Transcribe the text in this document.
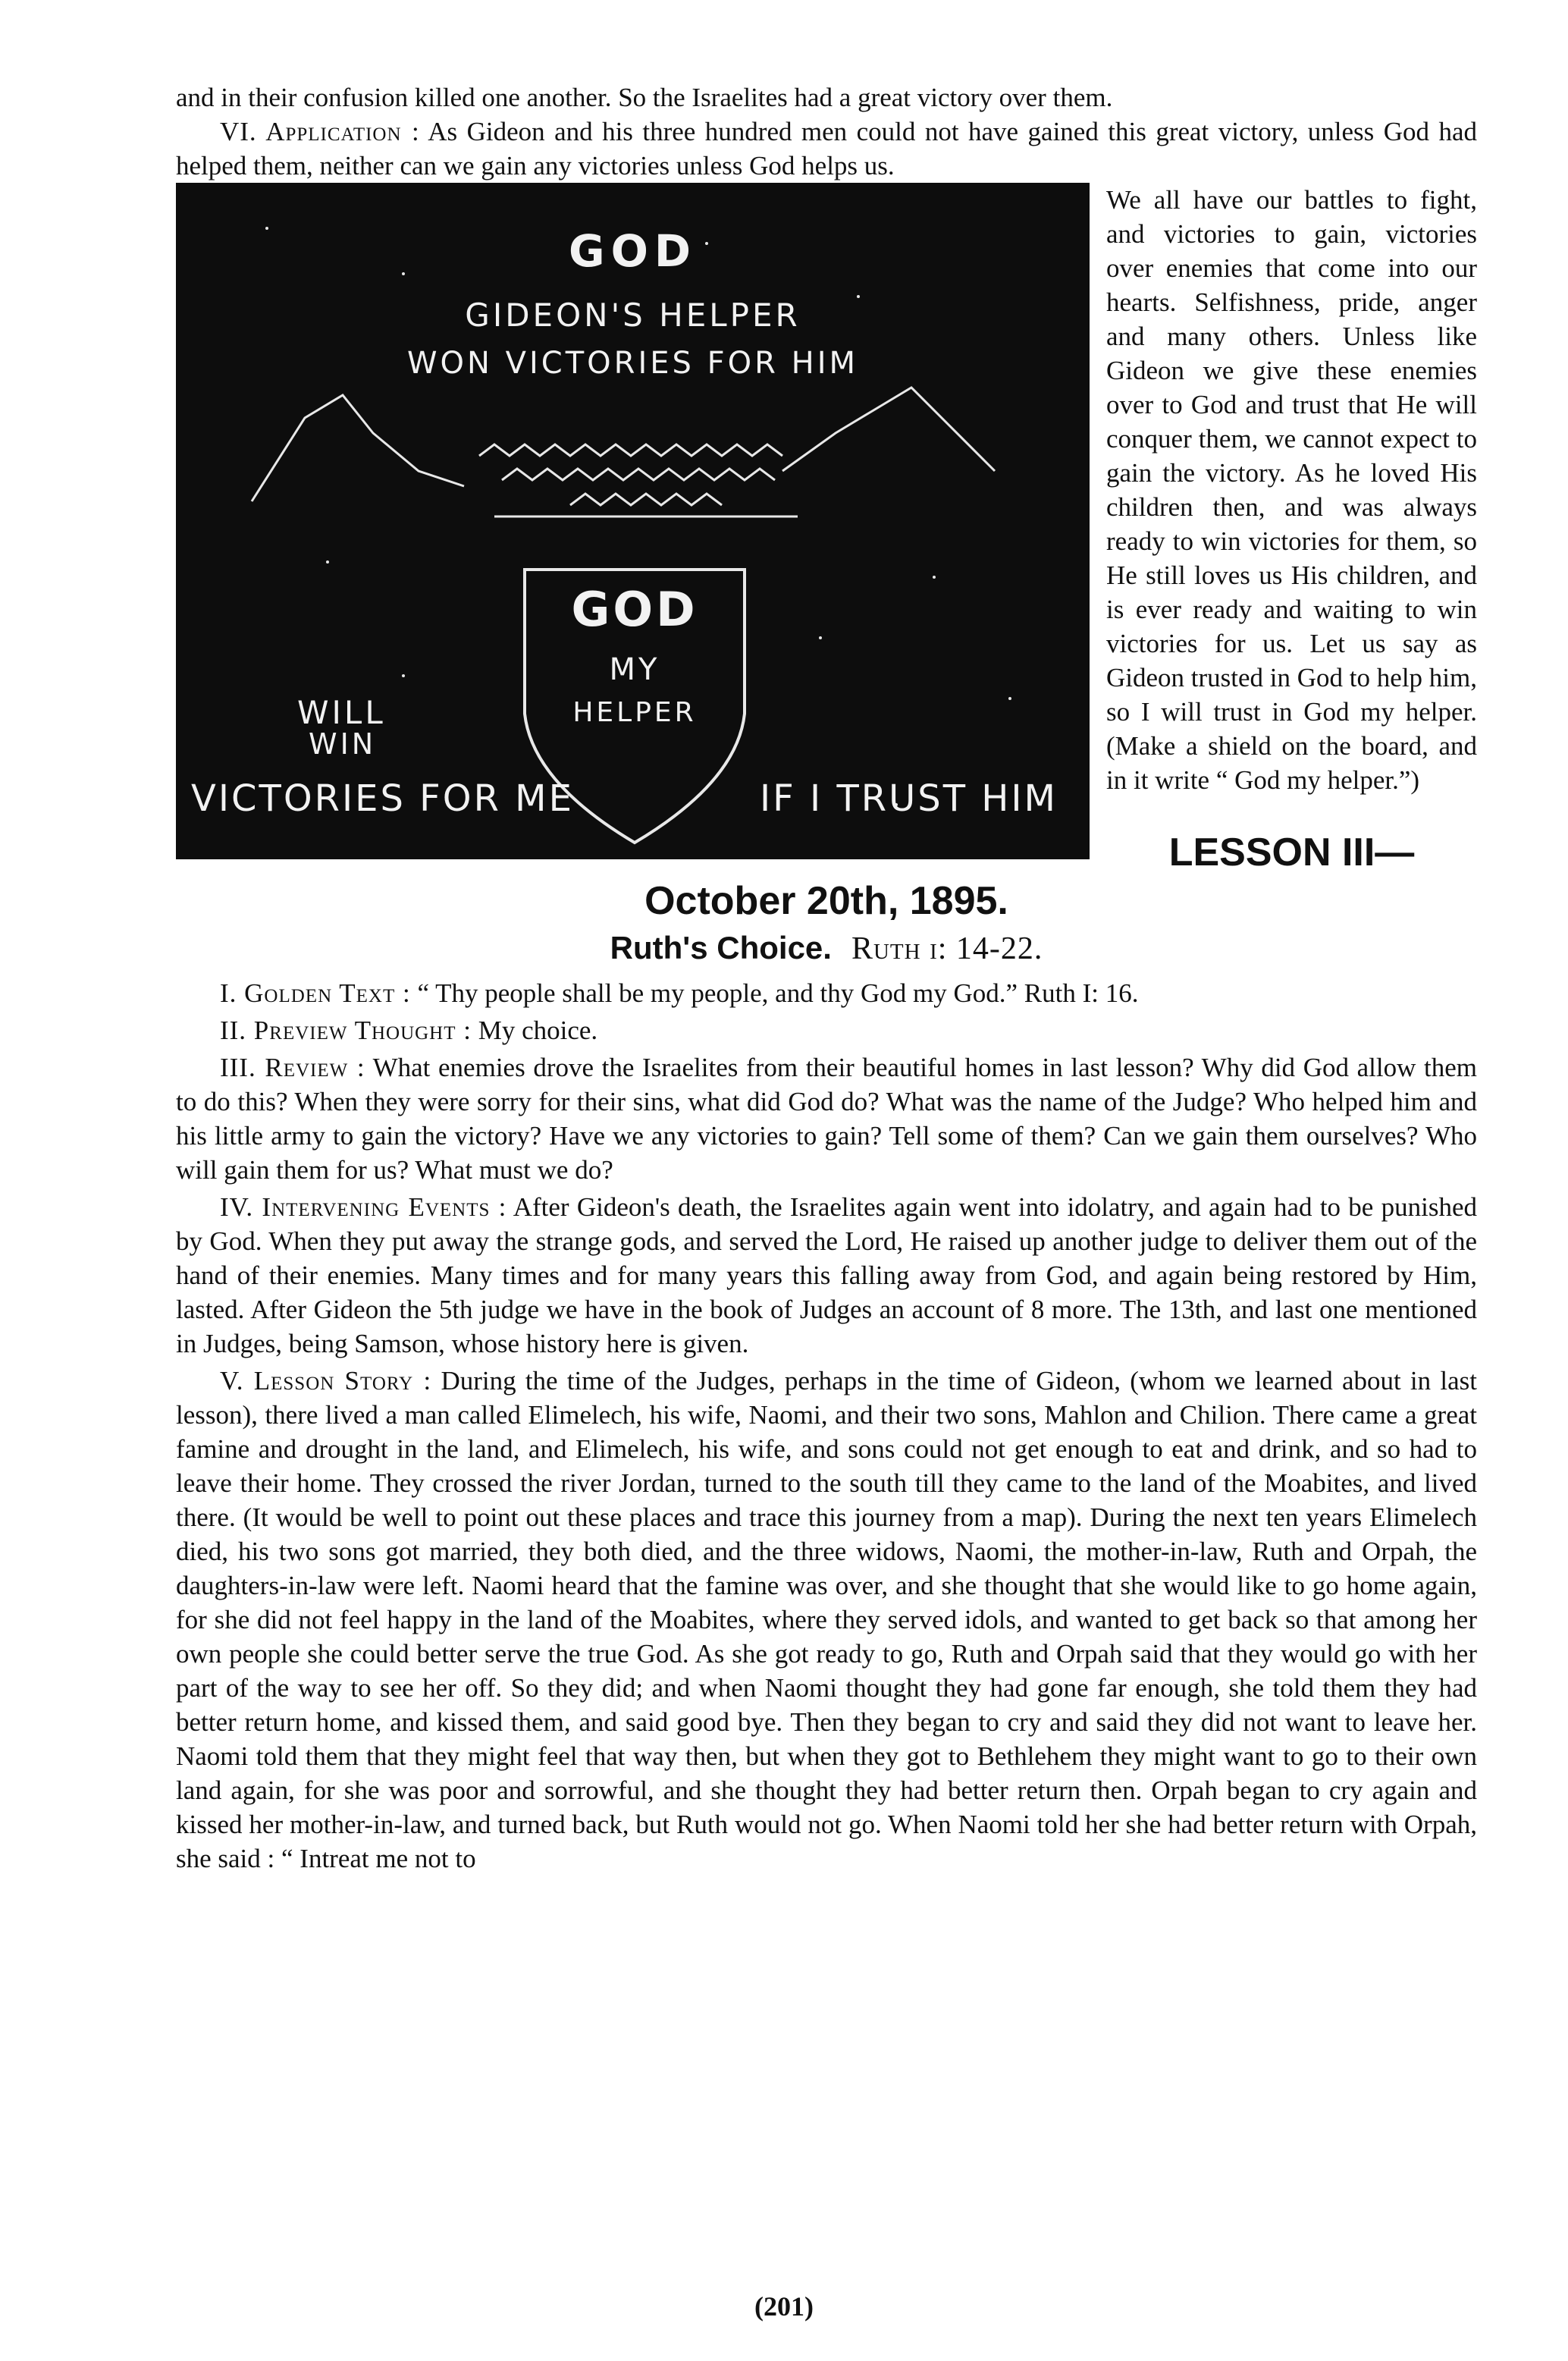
and in their confusion killed one another. So the Israelites had a great victory over them.

VI. Application : As Gideon and his three hundred men could not have gained this great victory, unless God had helped them, neither can we gain any victories unless God helps us.

GOD
GIDEON'S HELPER
WON VICTORIES FOR HIM
GOD
MY
HELPER
WILL
WIN
VICTORIES FOR ME	IF I TRUST HIM
We all have our battles to fight, and victories to gain, victories over enemies that come into our hearts. Selfishness, pride, anger and many others. Unless like Gideon we give these enemies over to God and trust that He will conquer them, we cannot expect to gain the victory. As he loved His children then, and was always ready to win victories for them, so He still loves us His children, and is ever ready and waiting to win victories for us. Let us say as Gideon trusted in God to help him, so I will trust in God my helper. (Make a shield on the board, and in it write “ God my helper.”)
LESSON III—October 20th, 1895.
Ruth's Choice. Ruth i: 14-22.

I. Golden Text : “ Thy people shall be my people, and thy God my God.” Ruth I: 16.

II. Preview Thought : My choice.

III. Review : What enemies drove the Israelites from their beautiful homes in last lesson? Why did God allow them to do this? When they were sorry for their sins, what did God do? What was the name of the Judge? Who helped him and his little army to gain the victory? Have we any victories to gain? Tell some of them? Can we gain them ourselves? Who will gain them for us? What must we do?

IV. Intervening Events : After Gideon's death, the Israelites again went into idolatry, and again had to be punished by God. When they put away the strange gods, and served the Lord, He raised up another judge to deliver them out of the hand of their enemies. Many times and for many years this falling away from God, and again being restored by Him, lasted. After Gideon the 5th judge we have in the book of Judges an account of 8 more. The 13th, and last one mentioned in Judges, being Samson, whose history here is given.

V. Lesson Story : During the time of the Judges, perhaps in the time of Gideon, (whom we learned about in last lesson), there lived a man called Elimelech, his wife, Naomi, and their two sons, Mahlon and Chilion. There came a great famine and drought in the land, and Elimelech, his wife, and sons could not get enough to eat and drink, and so had to leave their home. They crossed the river Jordan, turned to the south till they came to the land of the Moabites, and lived there. (It would be well to point out these places and trace this journey from a map). During the next ten years Elimelech died, his two sons got married, they both died, and the three widows, Naomi, the mother-in-law, Ruth and Orpah, the daughters-in-law were left. Naomi heard that the famine was over, and she thought that she would like to go home again, for she did not feel happy in the land of the Moabites, where they served idols, and wanted to get back so that among her own people she could better serve the true God. As she got ready to go, Ruth and Orpah said that they would go with her part of the way to see her off. So they did; and when Naomi thought they had gone far enough, she told them they had better return home, and kissed them, and said good bye. Then they began to cry and said they did not want to leave her. Naomi told them that they might feel that way then, but when they got to Bethlehem they might want to go to their own land again, for she was poor and sorrowful, and she thought they had better return then. Orpah began to cry again and kissed her mother-in-law, and turned back, but Ruth would not go. When Naomi told her she had better return with Orpah, she said : “ Intreat me not to

(201)
